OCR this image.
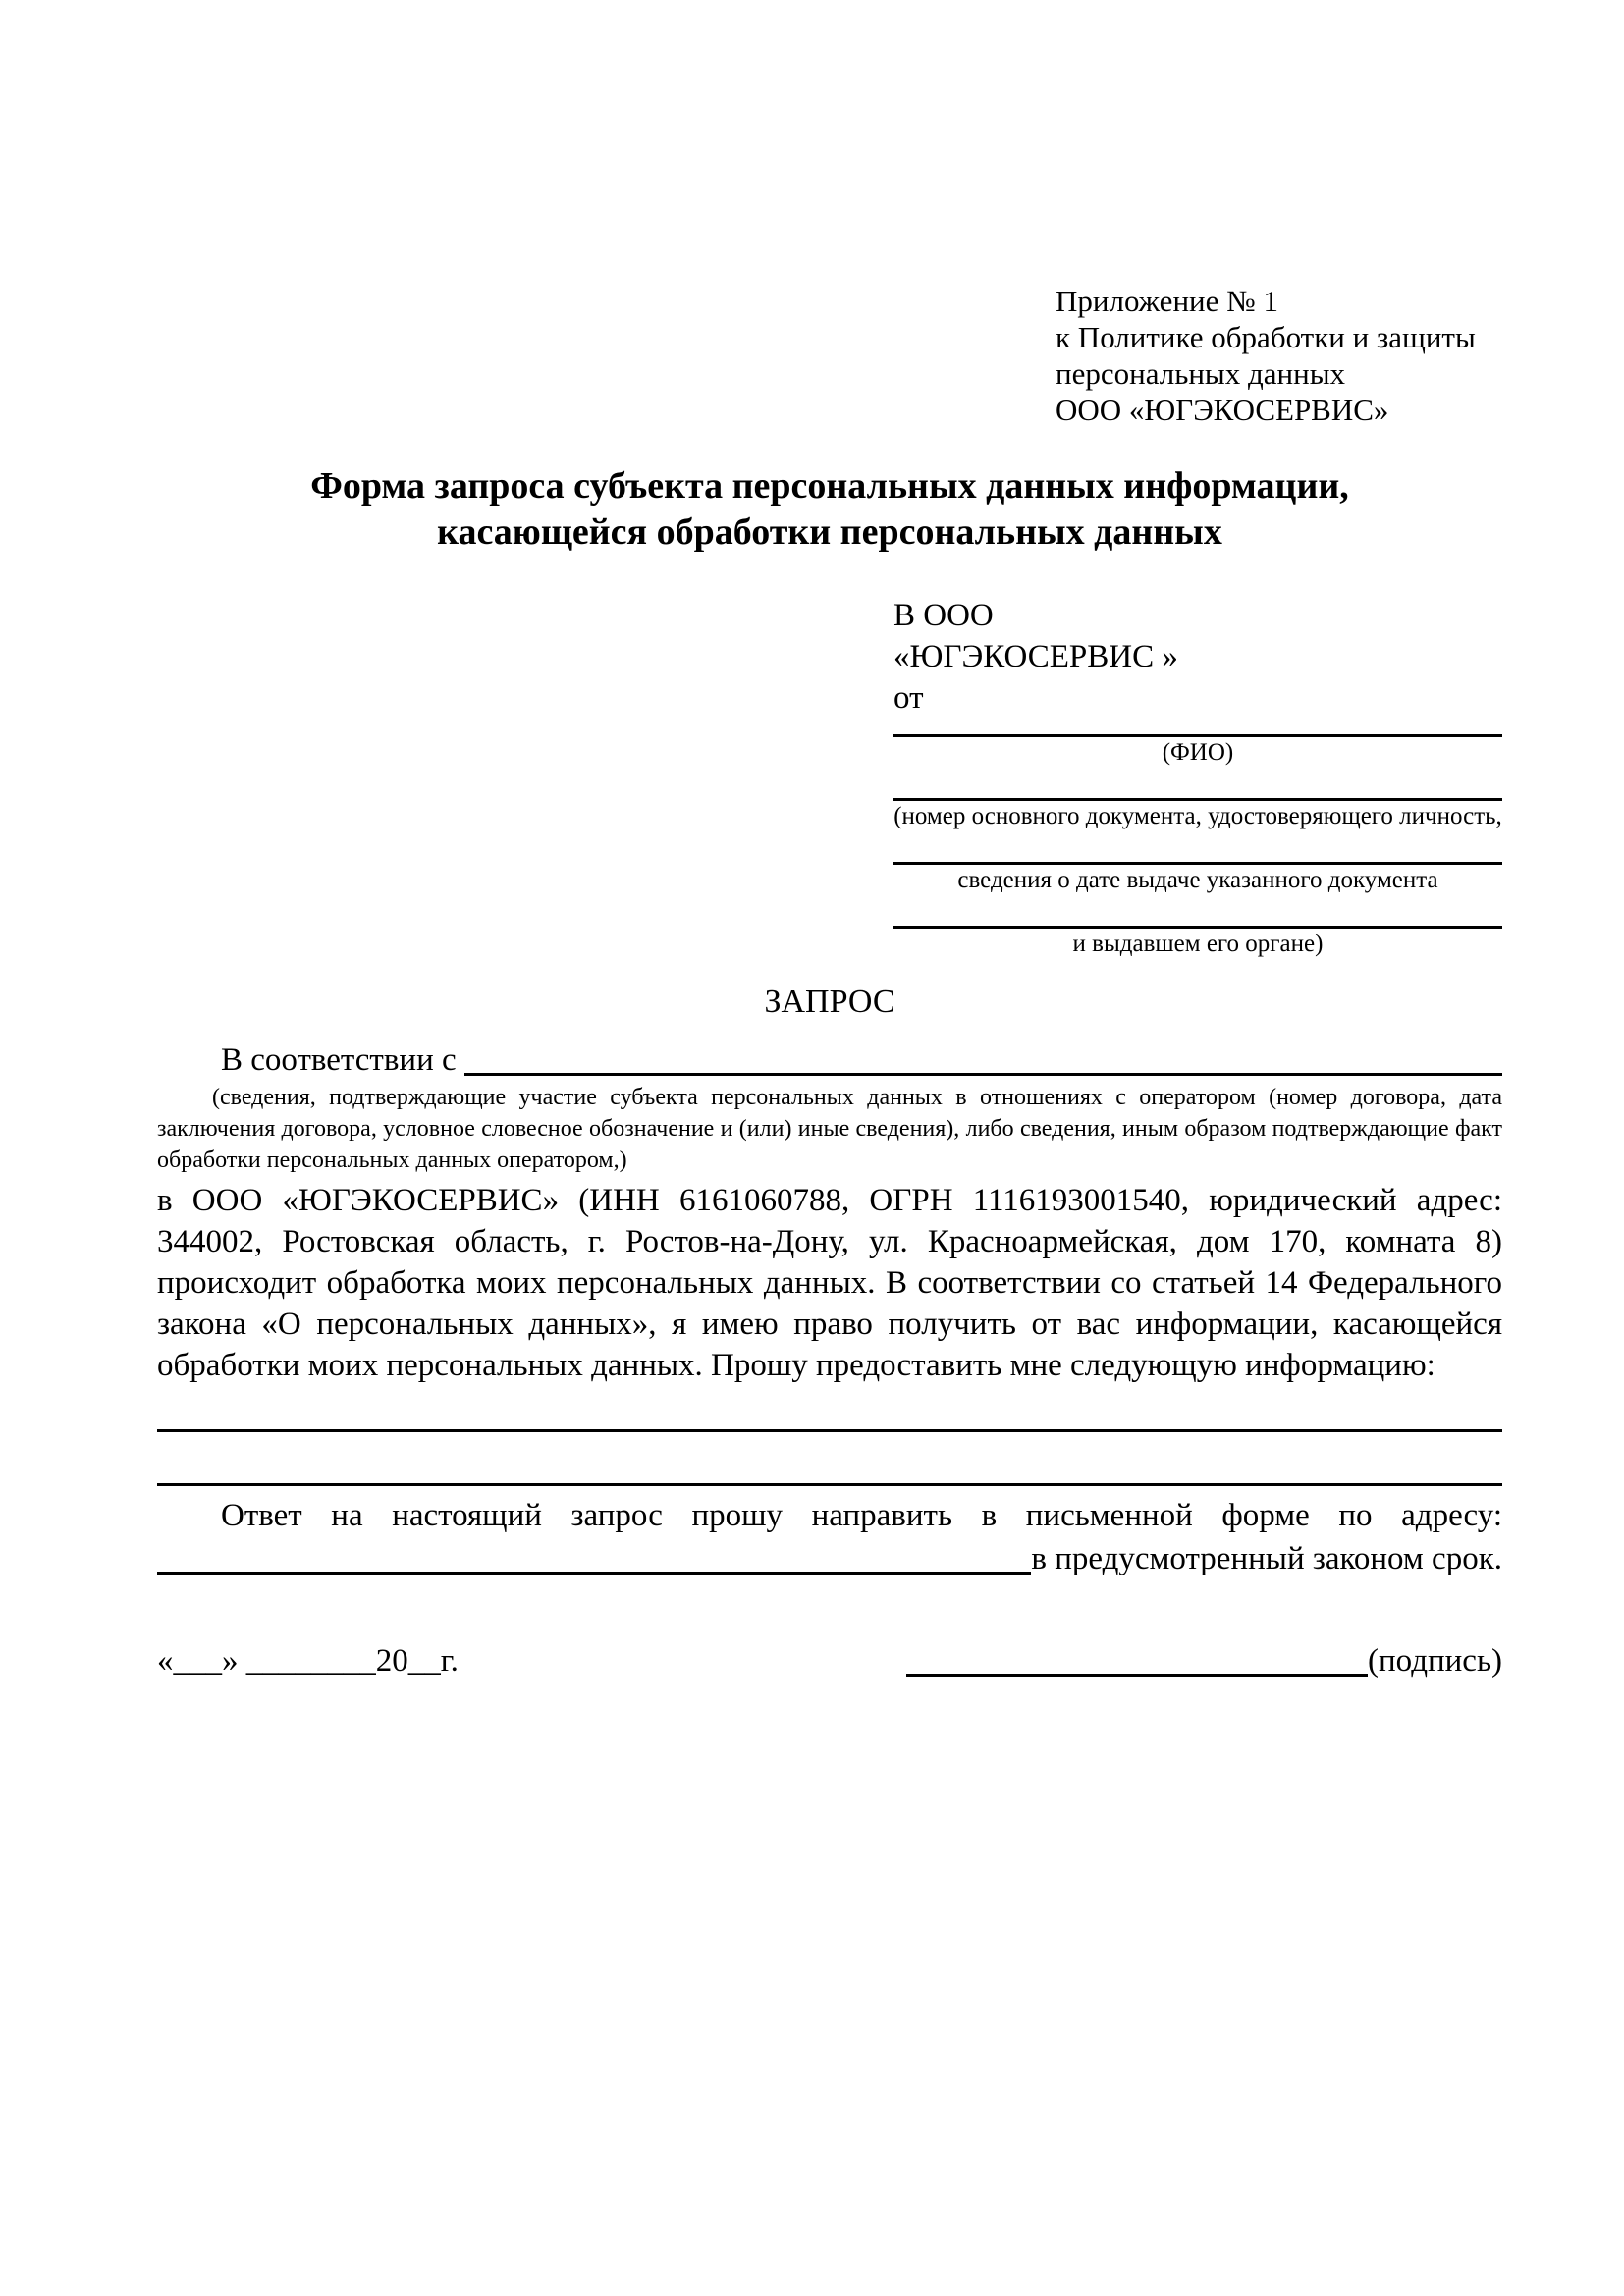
Приложение № 1
к Политике обработки и защиты
персональных данных
ООО «ЮГЭКОСЕРВИС»
Форма запроса субъекта персональных данных информации,
касающейся обработки персональных данных
В ООО
«ЮГЭКОСЕРВИС »
от
(ФИО)
(номер основного документа, удостоверяющего личность,
сведения о дате выдаче указанного документа
и выдавшем его органе)
ЗАПРОС
В соответствии с
(сведения, подтверждающие участие субъекта персональных данных в отношениях с оператором (номер договора, дата заключения договора, условное словесное обозначение и (или) иные сведения), либо сведения, иным образом подтверждающие факт обработки персональных данных оператором,)
в ООО «ЮГЭКОСЕРВИС» (ИНН 6161060788, ОГРН 1116193001540, юридический адрес: 344002, Ростовская область, г. Ростов-на-Дону, ул. Красноармейская, дом 170, комната 8) происходит обработка моих персональных данных. В соответствии со статьей 14 Федерального закона «О персональных данных», я имею право получить от вас информации, касающейся обработки моих персональных данных. Прошу предоставить мне следующую информацию:
Ответ на настоящий запрос прошу направить в письменной форме по адресу:
в предусмотренный законом срок.
«___» ________20__г.	(подпись)
